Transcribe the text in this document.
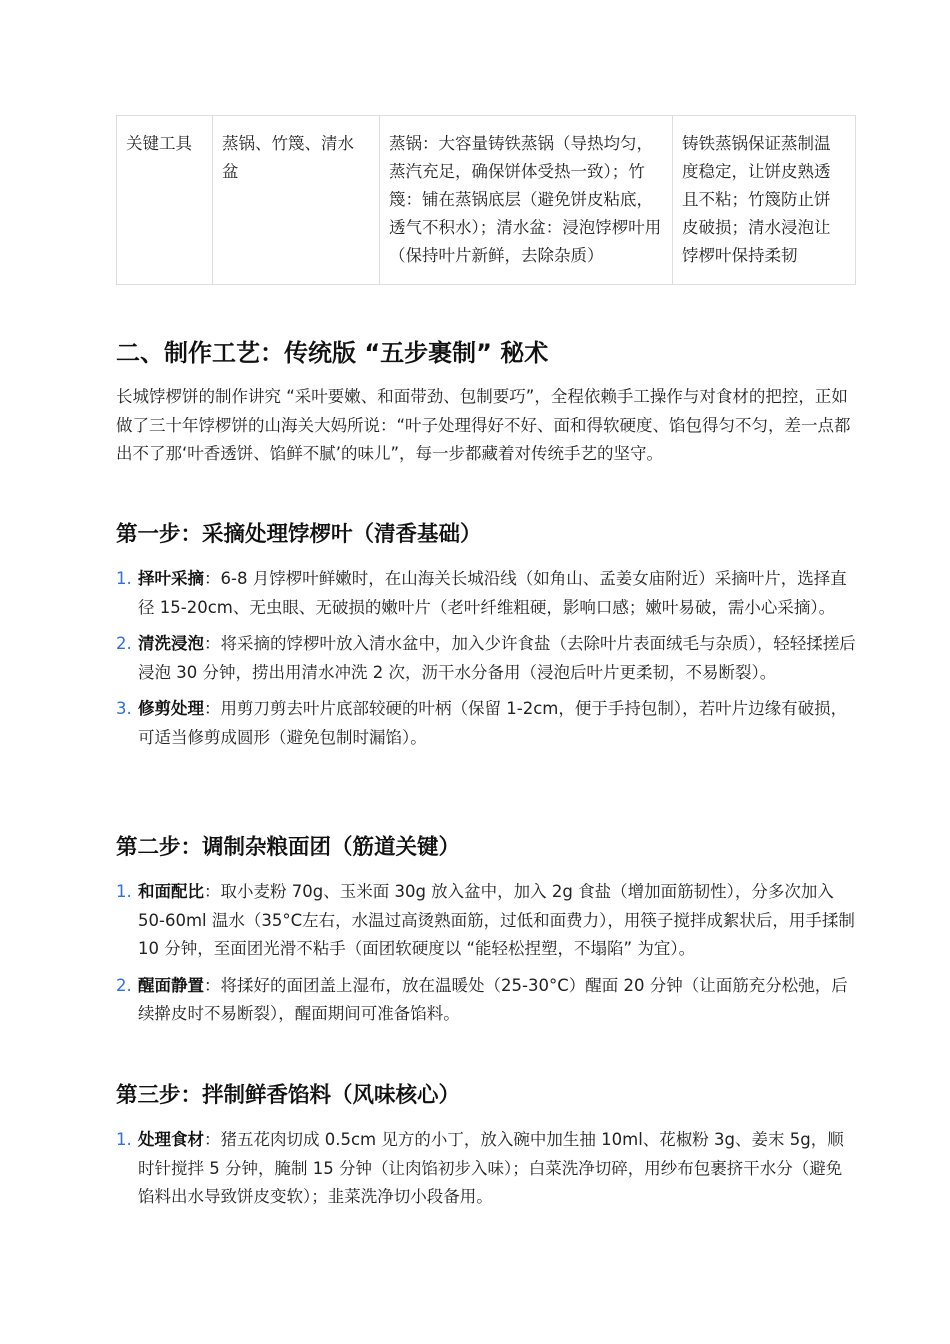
关键工具	蒸锅、竹篾、清水盆	蒸锅：大容量铸铁蒸锅（导热均匀，蒸汽充足，确保饼体受热一致）；竹篾：铺在蒸锅底层（避免饼皮粘底，透气不积水）；清水盆：浸泡饽椤叶用（保持叶片新鲜，去除杂质）	铸铁蒸锅保证蒸制温度稳定，让饼皮熟透且不粘；竹篾防止饼皮破损；清水浸泡让饽椤叶保持柔韧
二、制作工艺：传统版 “五步裹制” 秘术

长城饽椤饼的制作讲究 “采叶要嫩、和面带劲、包制要巧”，全程依赖手工操作与对食材的把控，正如做了三十年饽椤饼的山海关大妈所说：“叶子处理得好不好、面和得软硬度、馅包得匀不匀，差一点都出不了那‘叶香透饼、馅鲜不腻’的味儿”，每一步都藏着对传统手艺的坚守。

第一步：采摘处理饽椤叶（清香基础）
1. 择叶采摘：6-8 月饽椤叶鲜嫩时，在山海关长城沿线（如角山、孟姜女庙附近）采摘叶片，选择直径 15-20cm、无虫眼、无破损的嫩叶片（老叶纤维粗硬，影响口感；嫩叶易破，需小心采摘）。
2. 清洗浸泡：将采摘的饽椤叶放入清水盆中，加入少许食盐（去除叶片表面绒毛与杂质），轻轻揉搓后浸泡 30 分钟，捞出用清水冲洗 2 次，沥干水分备用（浸泡后叶片更柔韧，不易断裂）。
3. 修剪处理：用剪刀剪去叶片底部较硬的叶柄（保留 1-2cm，便于手持包制），若叶片边缘有破损，可适当修剪成圆形（避免包制时漏馅）。
第二步：调制杂粮面团（筋道关键）
1. 和面配比：取小麦粉 70g、玉米面 30g 放入盆中，加入 2g 食盐（增加面筋韧性），分多次加入 50-60ml 温水（35°C左右，水温过高烫熟面筋，过低和面费力），用筷子搅拌成絮状后，用手揉制 10 分钟，至面团光滑不粘手（面团软硬度以 “能轻松捏塑，不塌陷” 为宜）。
2. 醒面静置：将揉好的面团盖上湿布，放在温暖处（25-30°C）醒面 20 分钟（让面筋充分松弛，后续擀皮时不易断裂），醒面期间可准备馅料。
第三步：拌制鲜香馅料（风味核心）
1. 处理食材：猪五花肉切成 0.5cm 见方的小丁，放入碗中加生抽 10ml、花椒粉 3g、姜末 5g，顺时针搅拌 5 分钟，腌制 15 分钟（让肉馅初步入味）；白菜洗净切碎，用纱布包裹挤干水分（避免馅料出水导致饼皮变软）；韭菜洗净切小段备用。
